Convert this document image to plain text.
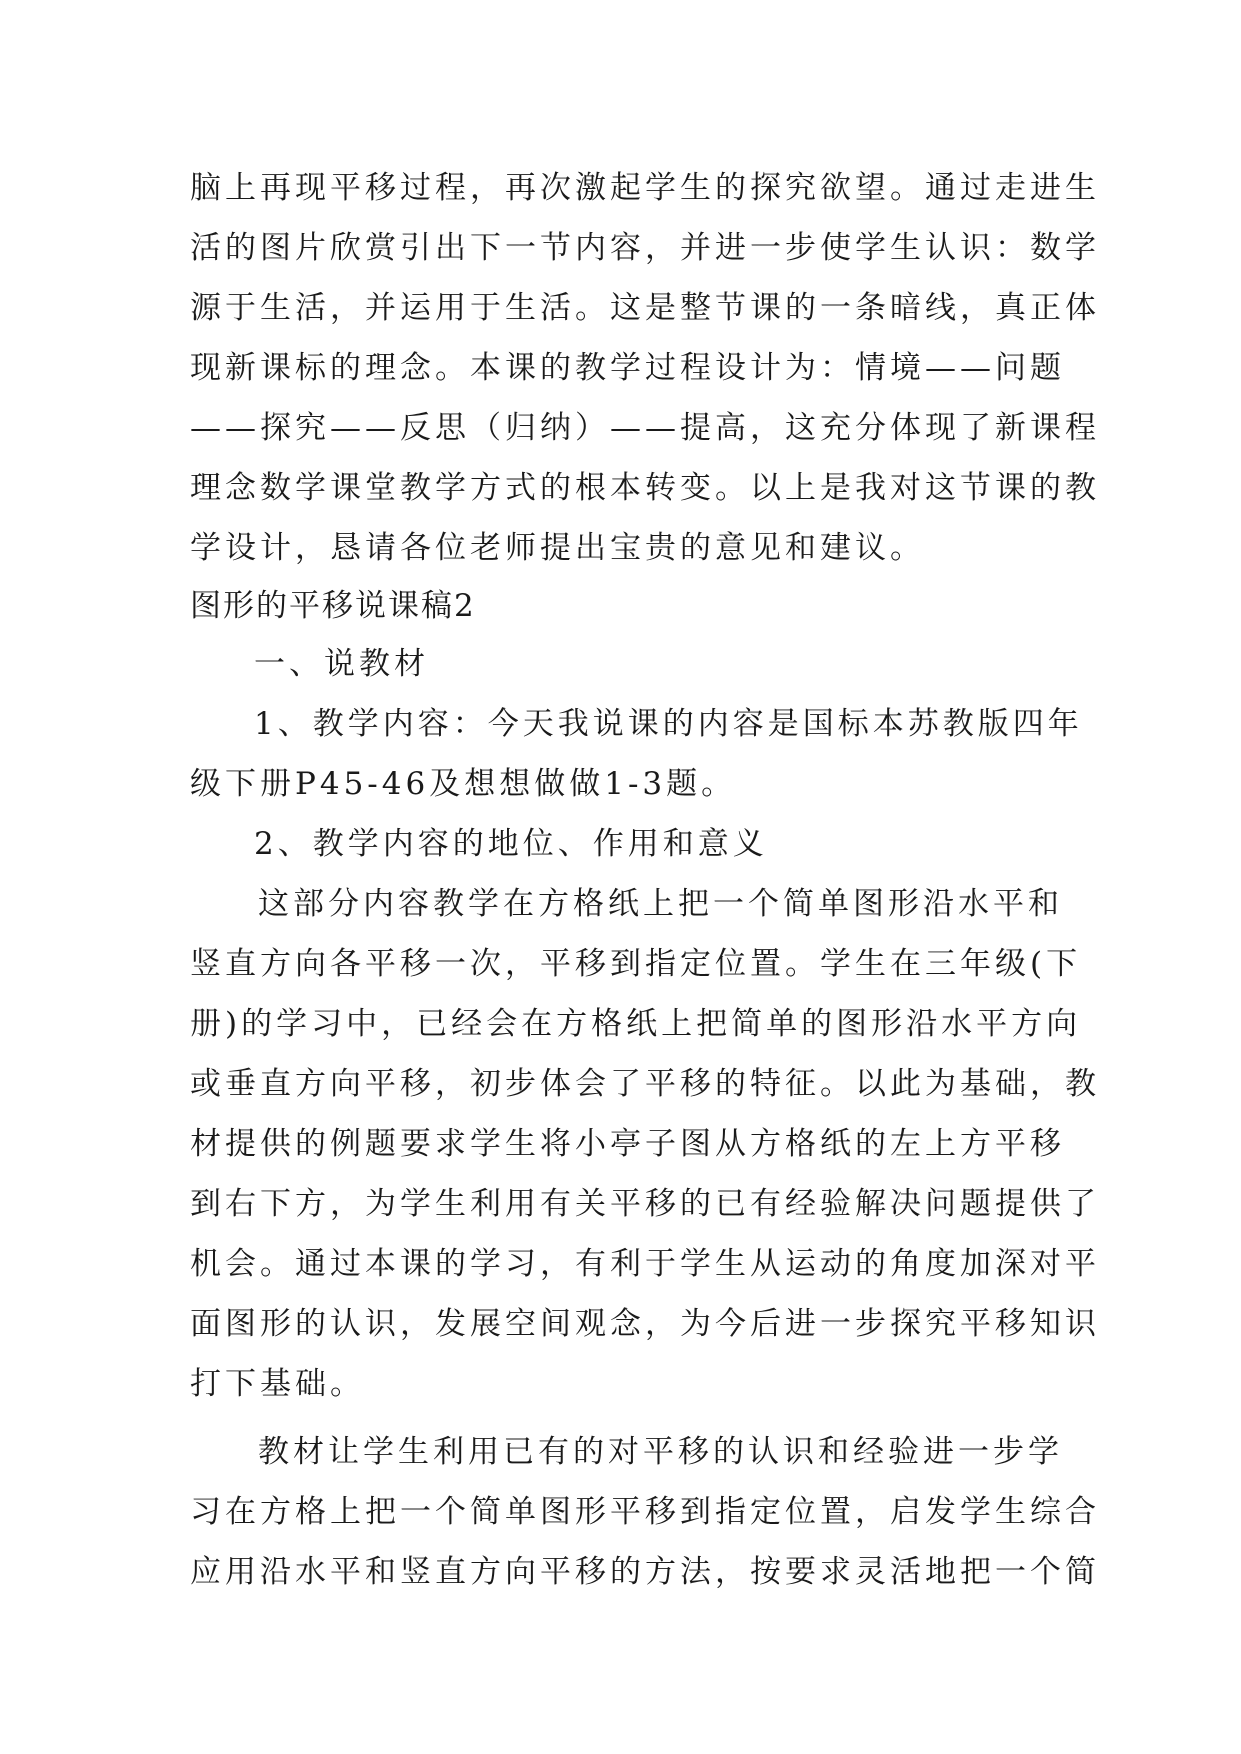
脑上再现平移过程，再次激起学生的探究欲望。通过走进生
活的图片欣赏引出下一节内容，并进一步使学生认识：数学
源于生活，并运用于生活。这是整节课的一条暗线，真正体
现新课标的理念。本课的教学过程设计为：情境——问题
——探究——反思（归纳）——提高，这充分体现了新课程
理念数学课堂教学方式的根本转变。以上是我对这节课的教
学设计，恳请各位老师提出宝贵的意见和建议。
图形的平移说课稿2
一、说教材
1、教学内容：今天我说课的内容是国标本苏教版四年
级下册P45-46及想想做做1-3题。
2、教学内容的地位、作用和意义
这部分内容教学在方格纸上把一个简单图形沿水平和
竖直方向各平移一次，平移到指定位置。学生在三年级(下
册)的学习中，已经会在方格纸上把简单的图形沿水平方向
或垂直方向平移，初步体会了平移的特征。以此为基础，教
材提供的例题要求学生将小亭子图从方格纸的左上方平移
到右下方，为学生利用有关平移的已有经验解决问题提供了
机会。通过本课的学习，有利于学生从运动的角度加深对平
面图形的认识，发展空间观念，为今后进一步探究平移知识
打下基础。
教材让学生利用已有的对平移的认识和经验进一步学
习在方格上把一个简单图形平移到指定位置，启发学生综合
应用沿水平和竖直方向平移的方法，按要求灵活地把一个简
